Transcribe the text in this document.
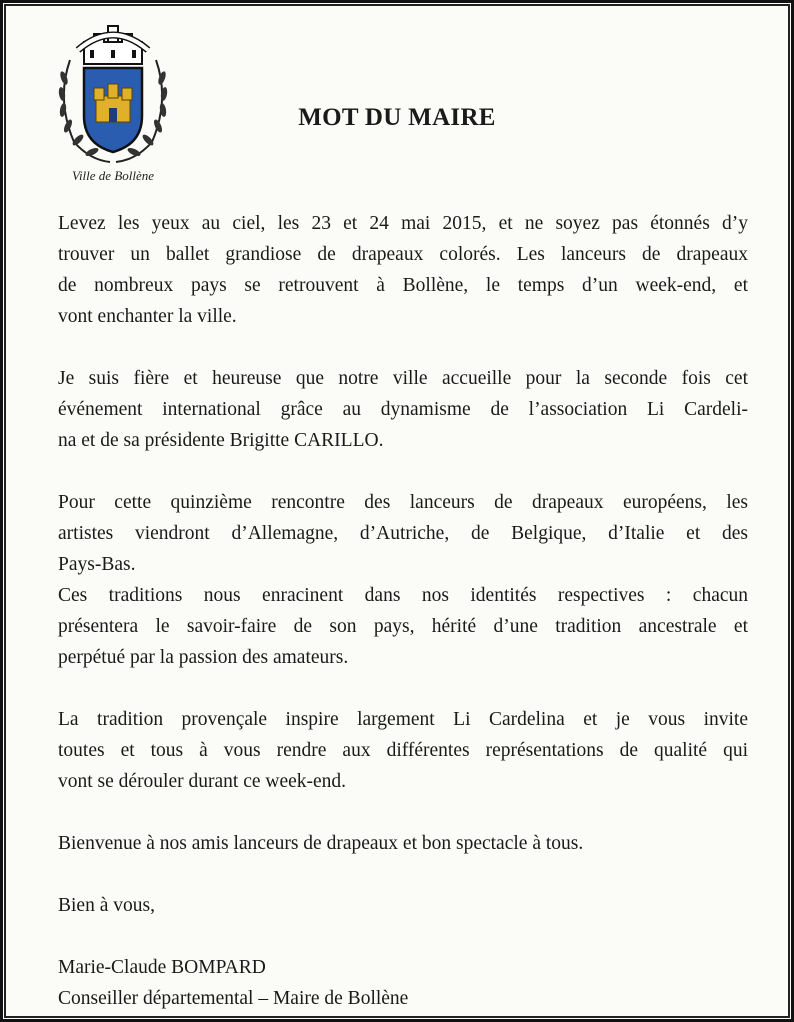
Ville de Bollène
MOT DU MAIRE
Levez les yeux au ciel, les 23 et 24 mai 2015, et ne soyez pas étonnés d’y
trouver un ballet grandiose de drapeaux colorés. Les lanceurs de drapeaux
de nombreux pays se retrouvent à Bollène, le temps d’un week-end, et
vont enchanter la ville.
Je suis fière et heureuse que notre ville accueille pour la seconde fois cet
événement international grâce au dynamisme de l’association Li Cardeli-
na et de sa présidente Brigitte CARILLO.
Pour cette quinzième rencontre des lanceurs de drapeaux européens, les
artistes viendront d’Allemagne, d’Autriche, de Belgique, d’Italie et des
Pays-Bas.
Ces traditions nous enracinent dans nos identités respectives : chacun
présentera le savoir-faire de son pays, hérité d’une tradition ancestrale et
perpétué par la passion des amateurs.
La tradition provençale inspire largement Li Cardelina et je vous invite
toutes et tous à vous rendre aux différentes représentations de qualité qui
vont se dérouler durant ce week-end.
Bienvenue à nos amis lanceurs de drapeaux et bon spectacle à tous.
Bien à vous,
Marie-Claude BOMPARD
Conseiller départemental – Maire de Bollène
